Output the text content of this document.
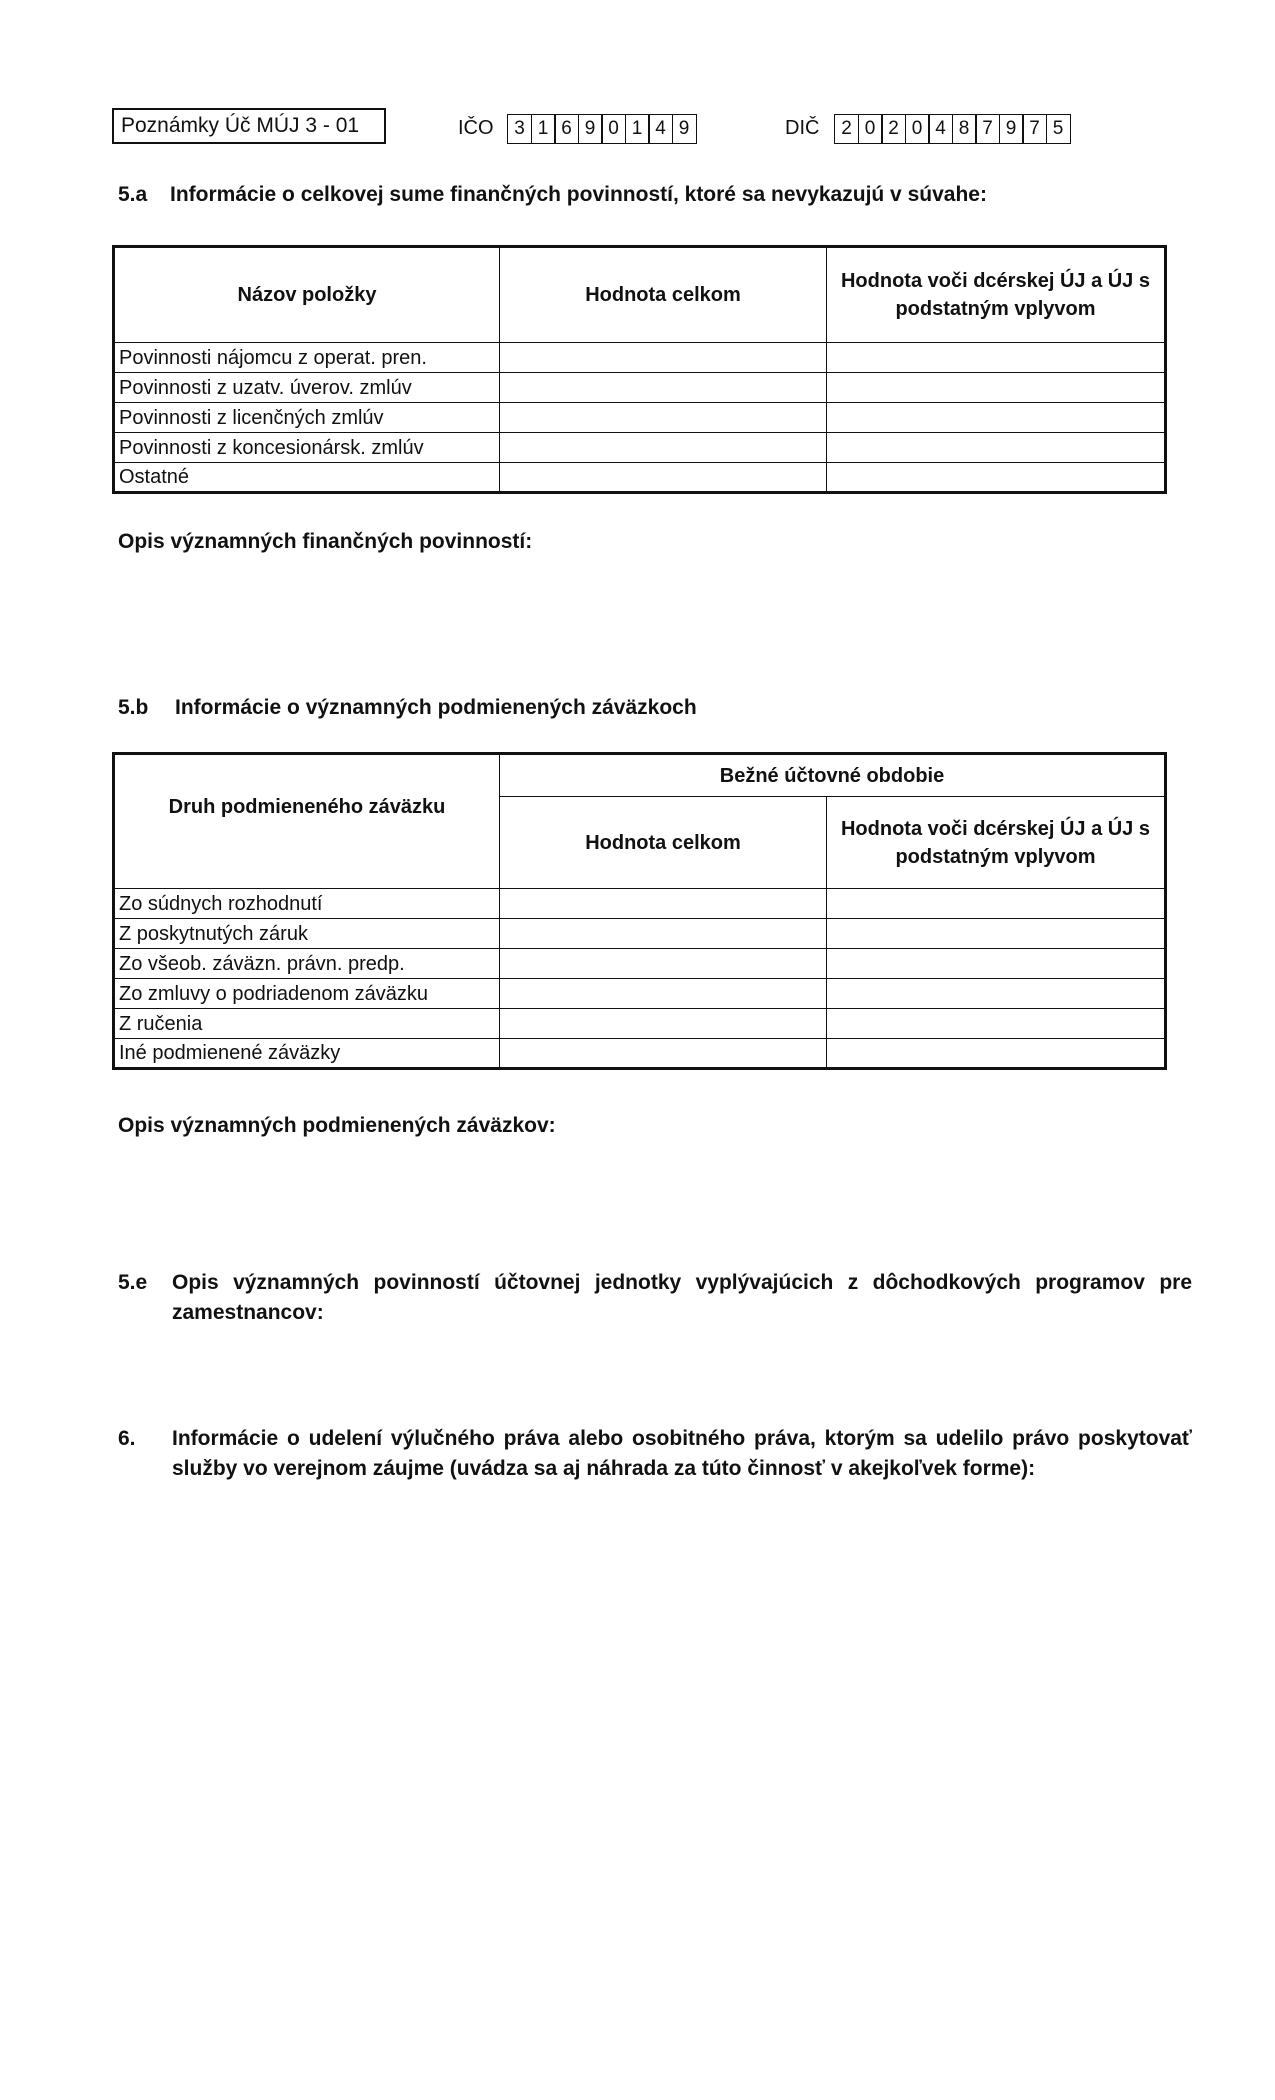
Poznámky Úč MÚJ 3 - 01	IČO	3 1 6 9 0 1 4 9	DIČ	2 0 2 0 4 8 7 9 7 5
5.a Informácie o celkovej sume finančných povinností, ktoré sa nevykazujú v súvahe:
Názov položky	Hodnota celkom	Hodnota voči dcérskej ÚJ a ÚJ s podstatným vplyvom
Povinnosti nájomcu z operat. pren.		
Povinnosti z uzatv. úverov. zmlúv		
Povinnosti z licenčných zmlúv		
Povinnosti z koncesionársk. zmlúv		
Ostatné		
Opis významných finančných povinností:
5.b Informácie o významných podmienených záväzkoch
Druh podmieneného záväzku	Bežné účtovné obdobie	
	Hodnota celkom	Hodnota voči dcérskej ÚJ a ÚJ s podstatným vplyvom
Zo súdnych rozhodnutí		
Z poskytnutých záruk		
Zo všeob. záväzn. právn. predp.		
Zo zmluvy o podriadenom záväzku		
Z ručenia		
Iné podmienené záväzky		
Opis významných podmienených záväzkov:
5.e Opis významných povinností účtovnej jednotky vyplývajúcich z dôchodkových programov pre zamestnancov:
6. Informácie o udelení výlučného práva alebo osobitného práva, ktorým sa udelilo právo poskytovať služby vo verejnom záujme (uvádza sa aj náhrada za túto činnosť v akejkoľvek forme):
